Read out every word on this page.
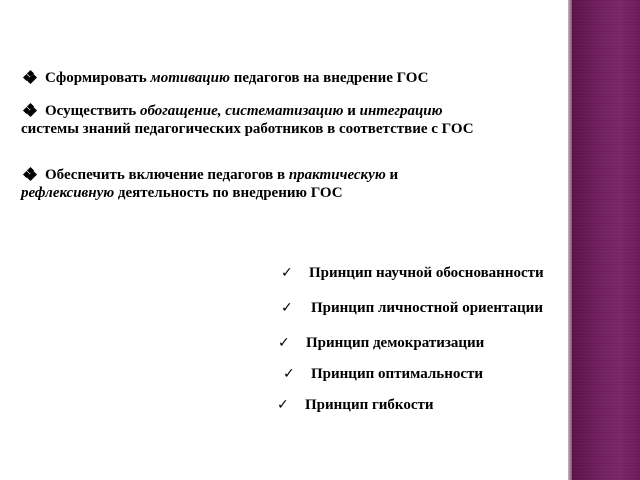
Сформировать мотивацию педагогов на внедрение ГОС
Осуществить обогащение, систематизацию и интеграцию системы знаний педагогических работников в соответствие с ГОС
Обеспечить включение педагогов в практическую и рефлексивную деятельность по внедрению ГОС
✓ Принцип научной обоснованности
✓ Принцип личностной ориентации
✓ Принцип демократизации
✓ Принцип оптимальности
✓ Принцип гибкости
